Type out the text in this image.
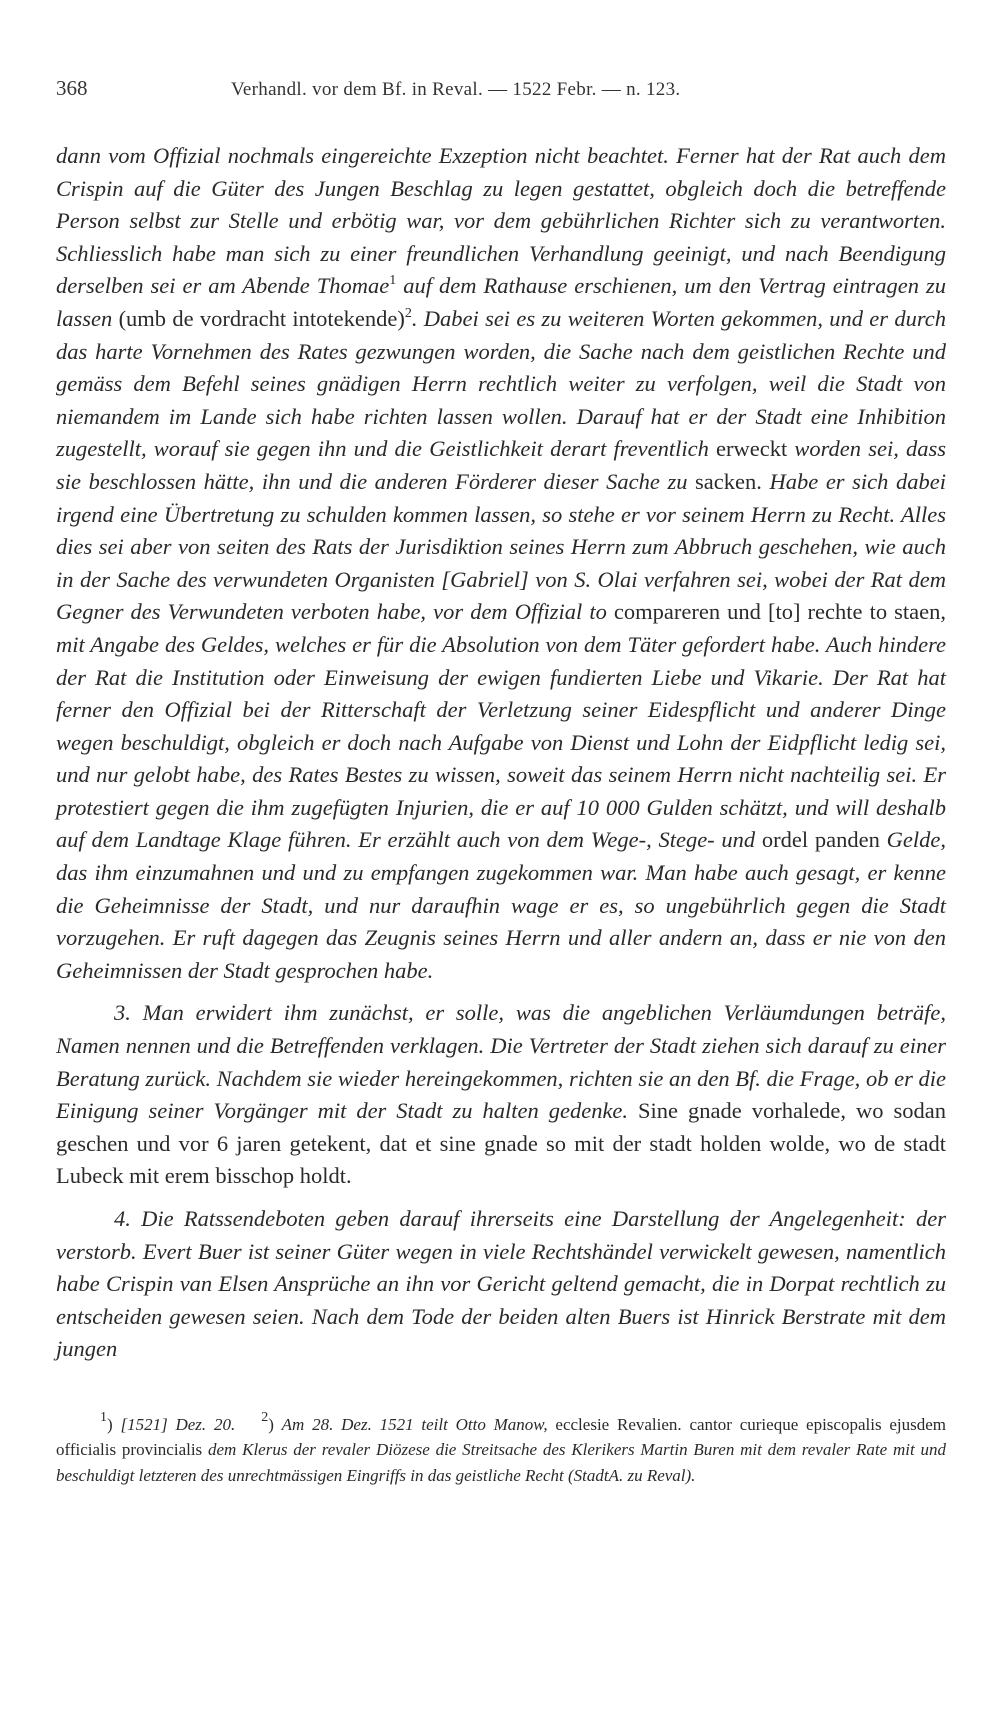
368	Verhandl. vor dem Bf. in Reval. — 1522 Febr. — n. 123.

dann vom Offizial nochmals eingereichte Exzeption nicht beachtet. Ferner hat der Rat auch dem Crispin auf die Güter des Jungen Beschlag zu legen gestattet, obgleich doch die betreffende Person selbst zur Stelle und erbötig war, vor dem gebührlichen Richter sich zu verantworten. Schliesslich habe man sich zu einer freundlichen Verhandlung geeinigt, und nach Beendigung derselben sei er am Abende Thomae$^1$ auf dem Rathause erschienen, um den Vertrag eintragen zu lassen (umb de vordracht intotekende)$^2$. Dabei sei es zu weiteren Worten gekommen, und er durch das harte Vornehmen des Rates gezwungen worden, die Sache nach dem geistlichen Rechte und gemäss dem Befehl seines gnädigen Herrn rechtlich weiter zu verfolgen, weil die Stadt von niemandem im Lande sich habe richten lassen wollen. Darauf hat er der Stadt eine Inhibition zugestellt, worauf sie gegen ihn und die Geistlichkeit derart freventlich erweckt worden sei, dass sie beschlossen hätte, ihn und die anderen Förderer dieser Sache zu sacken. Habe er sich dabei irgend eine Übertretung zu schulden kommen lassen, so stehe er vor seinem Herrn zu Recht. Alles dies sei aber von seiten des Rats der Jurisdiktion seines Herrn zum Abbruch geschehen, wie auch in der Sache des verwundeten Organisten [Gabriel] von S. Olai verfahren sei, wobei der Rat dem Gegner des Verwundeten verboten habe, vor dem Offizial to compareren und [to] rechte to staen, mit Angabe des Geldes, welches er für die Absolution von dem Täter gefordert habe. Auch hindere der Rat die Institution oder Einweisung der ewigen fundierten Liebe und Vikarie. Der Rat hat ferner den Offizial bei der Ritterschaft der Verletzung seiner Eidespflicht und anderer Dinge wegen beschuldigt, obgleich er doch nach Aufgabe von Dienst und Lohn der Eidpflicht ledig sei, und nur gelobt habe, des Rates Bestes zu wissen, soweit das seinem Herrn nicht nachteilig sei. Er protestiert gegen die ihm zugefügten Injurien, die er auf 10 000 Gulden schätzt, und will deshalb auf dem Landtage Klage führen. Er erzählt auch von dem Wege-, Stege- und ordel panden Gelde, das ihm einzumahnen und und zu empfangen zugekommen war. Man habe auch gesagt, er kenne die Geheimnisse der Stadt, und nur daraufhin wage er es, so ungebührlich gegen die Stadt vorzugehen. Er ruft dagegen das Zeugnis seines Herrn und aller andern an, dass er nie von den Geheimnissen der Stadt gesprochen habe.

3. Man erwidert ihm zunächst, er solle, was die angeblichen Verläumdungen beträfe, Namen nennen und die Betreffenden verklagen. Die Vertreter der Stadt ziehen sich darauf zu einer Beratung zurück. Nachdem sie wieder hereingekommen, richten sie an den Bf. die Frage, ob er die Einigung seiner Vorgänger mit der Stadt zu halten gedenke. Sine gnade vorhalede, wo sodan geschen und vor 6 jaren getekent, dat et sine gnade so mit der stadt holden wolde, wo de stadt Lubeck mit erem bisschop holdt.

4. Die Ratssendeboten geben darauf ihrerseits eine Darstellung der Angelegenheit: der verstorb. Evert Buer ist seiner Güter wegen in viele Rechtshändel verwickelt gewesen, namentlich habe Crispin van Elsen Ansprüche an ihn vor Gericht geltend gemacht, die in Dorpat rechtlich zu entscheiden gewesen seien. Nach dem Tode der beiden alten Buers ist Hinrick Berstrate mit dem jungen

$^1$) [1521] Dez. 20. $^2$) Am 28. Dez. 1521 teilt Otto Manow, ecclesie Revalien. cantor curieque episcopalis ejusdem officialis provincialis dem Klerus der revaler Diözese die Streitsache des Klerikers Martin Buren mit dem revaler Rate mit und beschuldigt letzteren des unrechtmässigen Eingriffs in das geistliche Recht (StadtA. zu Reval).
